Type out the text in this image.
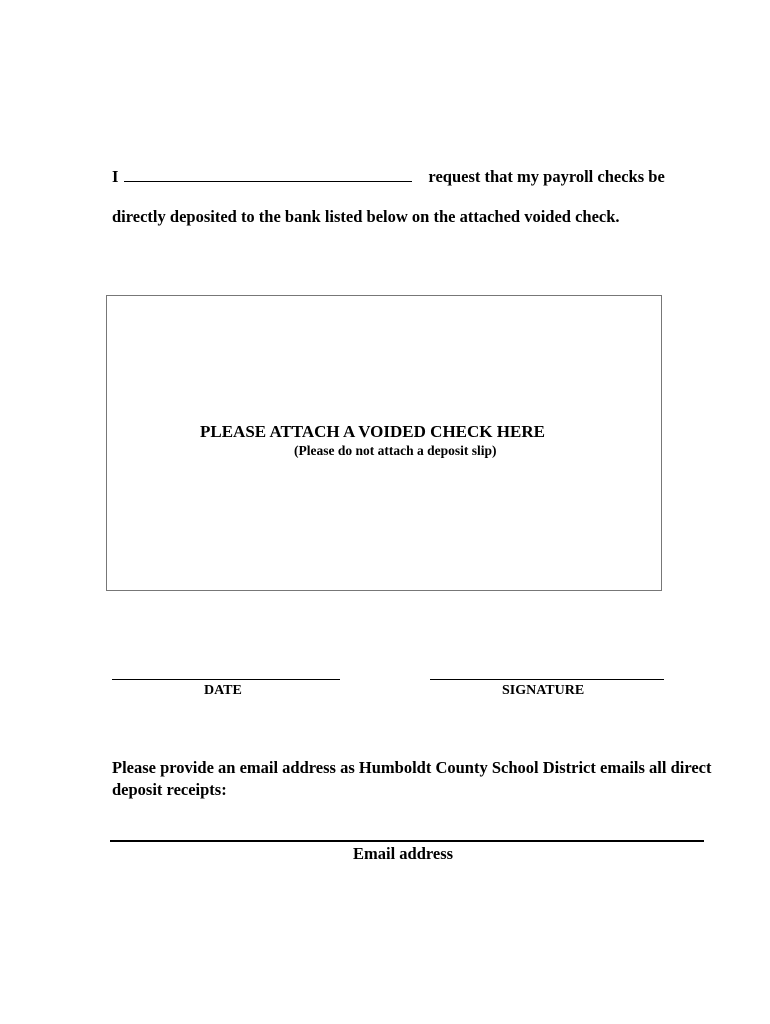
I	request that my payroll checks be
directly deposited to the bank listed below on the attached voided check.
PLEASE ATTACH A VOIDED CHECK HERE
(Please do not attach a deposit slip)
DATE	SIGNATURE
Please provide an email address as Humboldt County School District emails all direct deposit receipts:
Email address
